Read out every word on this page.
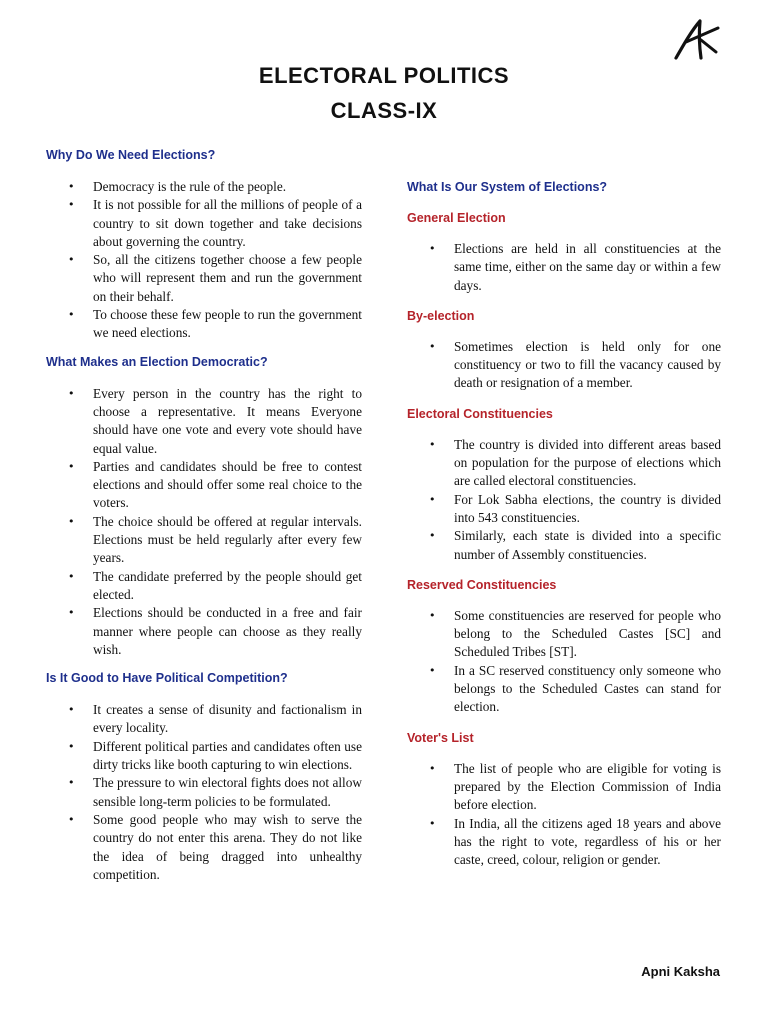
ELECTORAL POLITICS
CLASS-IX
Why Do We Need Elections?
• Democracy is the rule of the people.
• It is not possible for all the millions of people of a country to sit down together and take decisions about governing the country.
• So, all the citizens together choose a few people who will represent them and run the government on their behalf.
• To choose these few people to run the government we need elections.
What Makes an Election Democratic?
• Every person in the country has the right to choose a representative. It means Everyone should have one vote and every vote should have equal value.
• Parties and candidates should be free to contest elections and should offer some real choice to the voters.
• The choice should be offered at regular intervals. Elections must be held regularly after every few years.
• The candidate preferred by the people should get elected.
• Elections should be conducted in a free and fair manner where people can choose as they really wish.
Is It Good to Have Political Competition?
• It creates a sense of disunity and factionalism in every locality.
• Different political parties and candidates often use dirty tricks like booth capturing to win elections.
• The pressure to win electoral fights does not allow sensible long-term policies to be formulated.
• Some good people who may wish to serve the country do not enter this arena. They do not like the idea of being dragged into unhealthy competition.
What Is Our System of Elections?
General Election
• Elections are held in all constituencies at the same time, either on the same day or within a few days.
By-election
• Sometimes election is held only for one constituency or two to fill the vacancy caused by death or resignation of a member.
Electoral Constituencies
• The country is divided into different areas based on population for the purpose of elections which are called electoral constituencies.
• For Lok Sabha elections, the country is divided into 543 constituencies.
• Similarly, each state is divided into a specific number of Assembly constituencies.
Reserved Constituencies
• Some constituencies are reserved for people who belong to the Scheduled Castes [SC] and Scheduled Tribes [ST].
• In a SC reserved constituency only someone who belongs to the Scheduled Castes can stand for election.
Voter's List
• The list of people who are eligible for voting is prepared by the Election Commission of India before election.
• In India, all the citizens aged 18 years and above has the right to vote, regardless of his or her caste, creed, colour, religion or gender.
Apni Kaksha
